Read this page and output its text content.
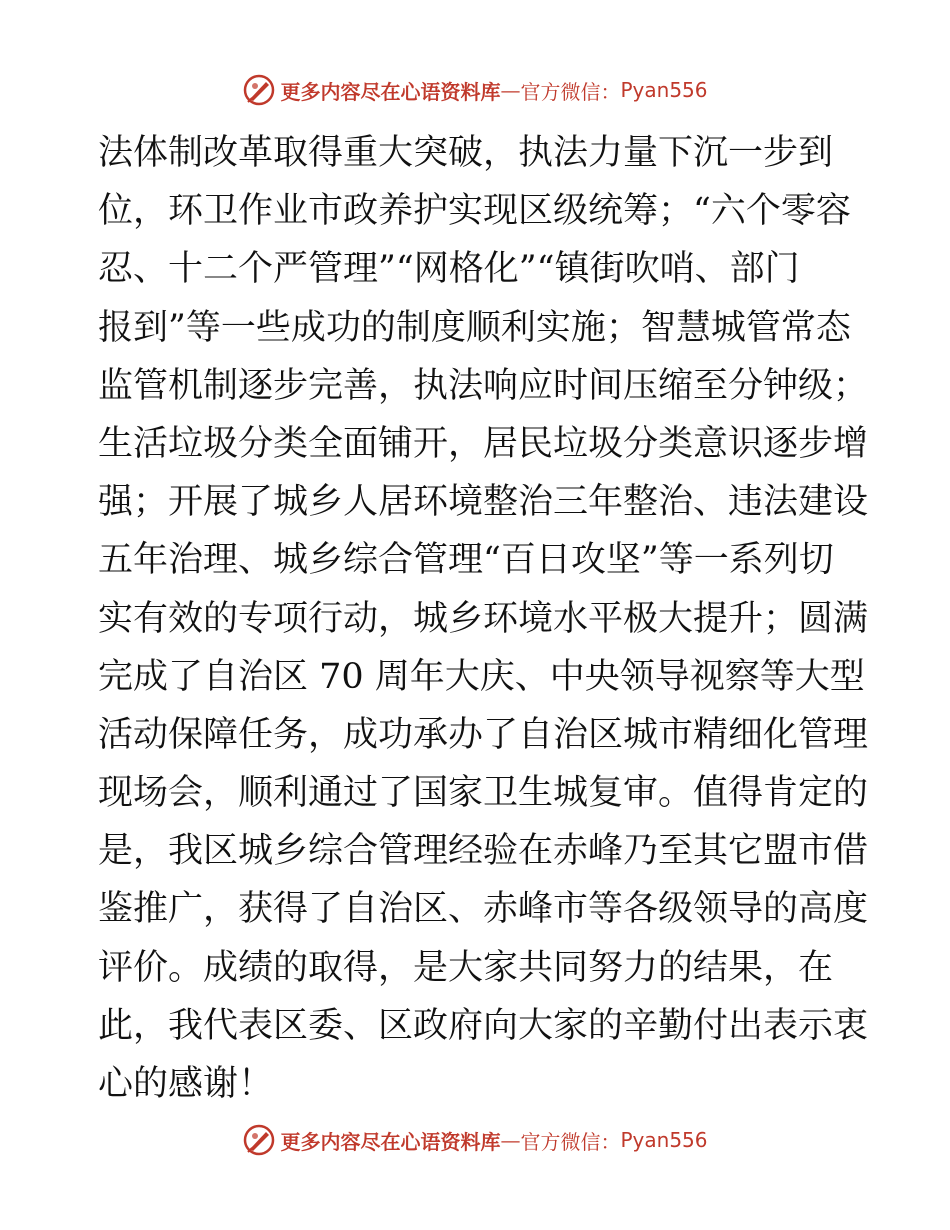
更多内容尽在心语资料库 — 官方微信： Pyan556
法体制改革取得重大突破，执法力量下沉一步到
位，环卫作业市政养护实现区级统筹；“六个零容
忍、十二个严管理”“网格化”“镇街吹哨、部门
报到”等一些成功的制度顺利实施；智慧城管常态
监管机制逐步完善，执法响应时间压缩至分钟级；
生活垃圾分类全面铺开，居民垃圾分类意识逐步增
强；开展了城乡人居环境整治三年整治、违法建设
五年治理、城乡综合管理“百日攻坚”等一系列切
实有效的专项行动，城乡环境水平极大提升；圆满
完成了自治区 70 周年大庆、中央领导视察等大型
活动保障任务，成功承办了自治区城市精细化管理
现场会，顺利通过了国家卫生城复审。值得肯定的
是，我区城乡综合管理经验在赤峰乃至其它盟市借
鉴推广，获得了自治区、赤峰市等各级领导的高度
评价。成绩的取得，是大家共同努力的结果，在
此，我代表区委、区政府向大家的辛勤付出表示衷
心的感谢！
更多内容尽在心语资料库 — 官方微信： Pyan556
